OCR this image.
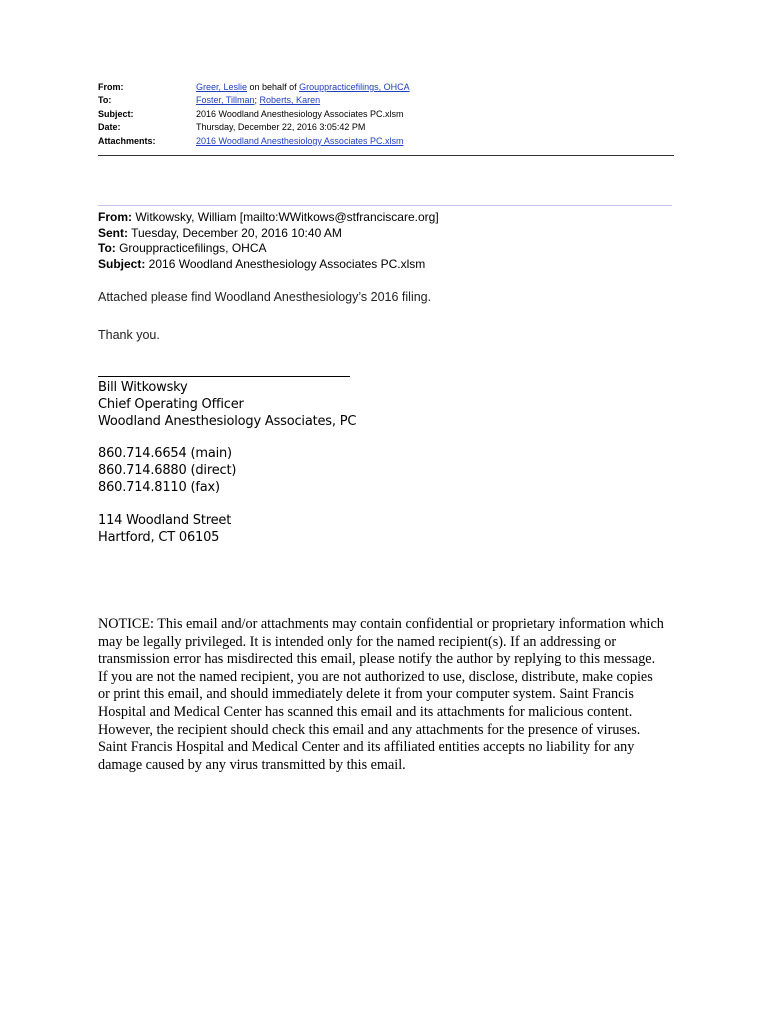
From:	Greer, Leslie on behalf of Grouppracticefilings, OHCA
To:	Foster, Tillman; Roberts, Karen
Subject:	2016 Woodland Anesthesiology Associates PC.xlsm
Date:	Thursday, December 22, 2016 3:05:42 PM
Attachments:	2016 Woodland Anesthesiology Associates PC.xlsm
From: Witkowsky, William [mailto:WWitkows@stfranciscare.org]
Sent: Tuesday, December 20, 2016 10:40 AM
To: Grouppracticefilings, OHCA
Subject: 2016 Woodland Anesthesiology Associates PC.xlsm
Attached please find Woodland Anesthesiology’s 2016 filing.
Thank you.
Bill Witkowsky
Chief Operating Officer
Woodland Anesthesiology Associates, PC
860.714.6654 (main)
860.714.6880 (direct)
860.714.8110 (fax)
114 Woodland Street
Hartford, CT 06105
NOTICE: This email and/or attachments may contain confidential or proprietary information which may be legally privileged. It is intended only for the named recipient(s). If an addressing or transmission error has misdirected this email, please notify the author by replying to this message. If you are not the named recipient, you are not authorized to use, disclose, distribute, make copies or print this email, and should immediately delete it from your computer system. Saint Francis Hospital and Medical Center has scanned this email and its attachments for malicious content. However, the recipient should check this email and any attachments for the presence of viruses. Saint Francis Hospital and Medical Center and its affiliated entities accepts no liability for any damage caused by any virus transmitted by this email.
